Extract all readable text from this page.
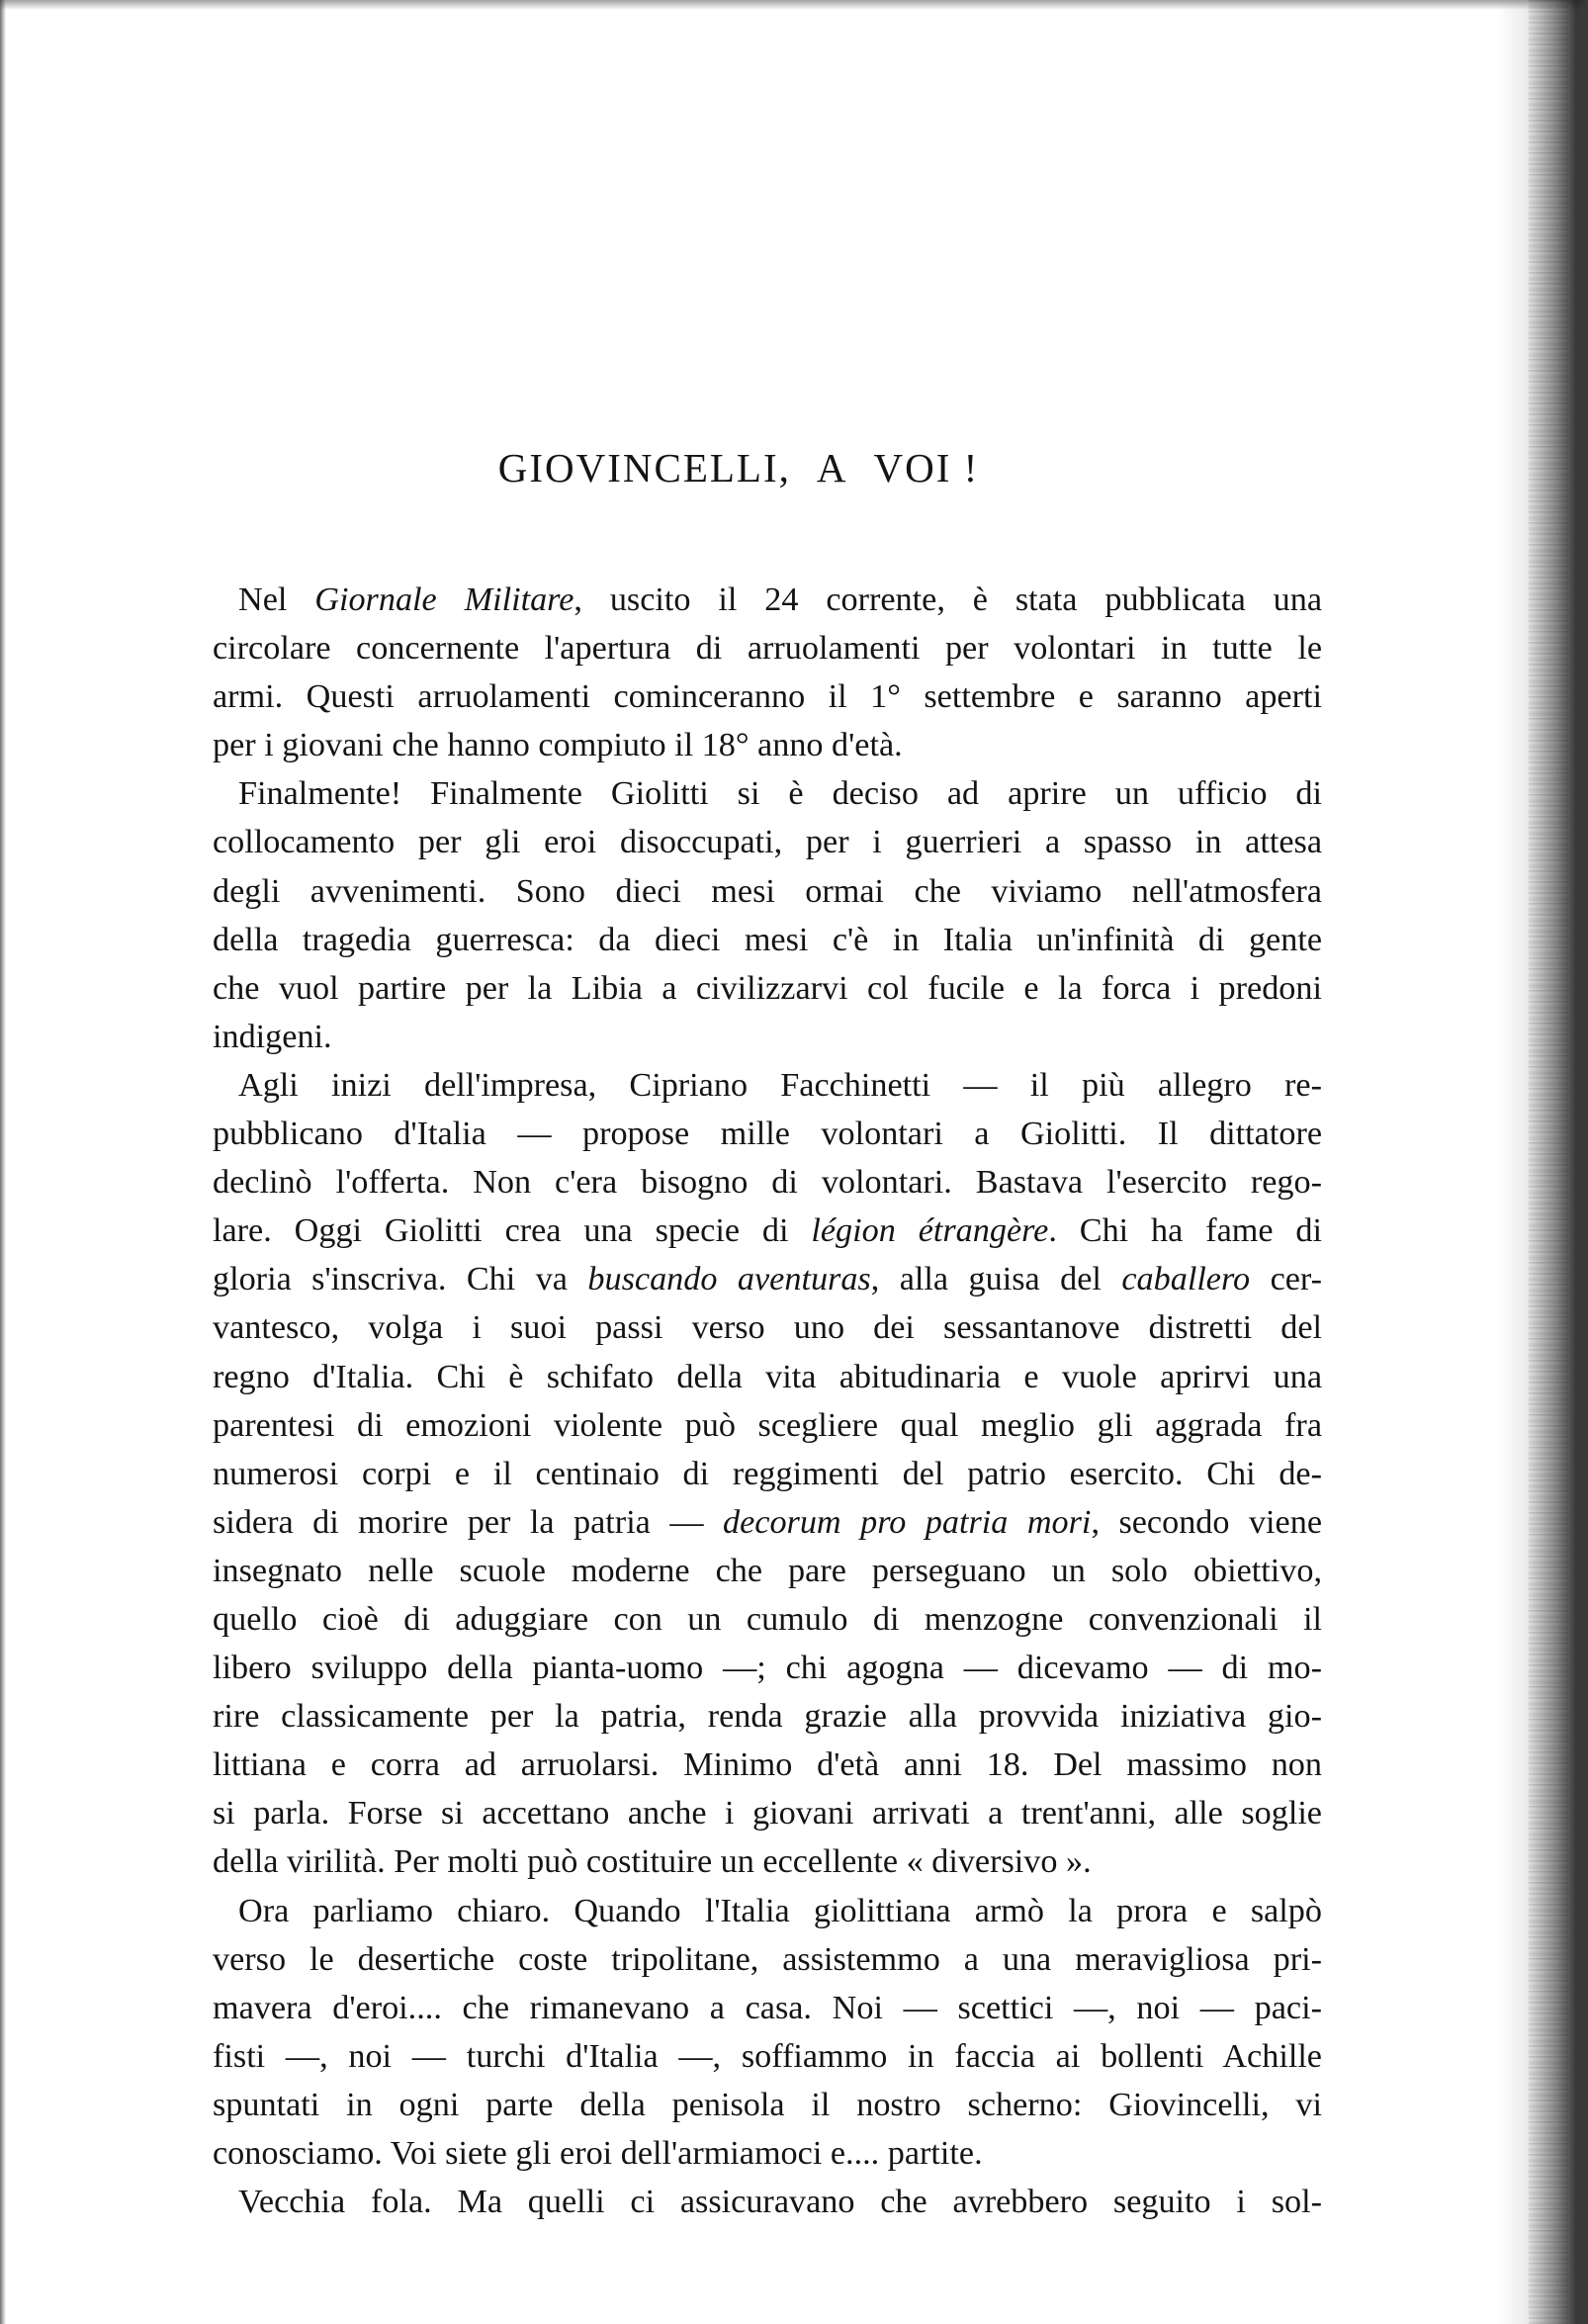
GIOVINCELLI, A VOI !
Nel Giornale Militare, uscito il 24 corrente, è stata pubblicata una
circolare concernente l'apertura di arruolamenti per volontari in tutte le
armi. Questi arruolamenti cominceranno il 1° settembre e saranno aperti
per i giovani che hanno compiuto il 18° anno d'età.
Finalmente! Finalmente Giolitti si è deciso ad aprire un ufficio di
collocamento per gli eroi disoccupati, per i guerrieri a spasso in attesa
degli avvenimenti. Sono dieci mesi ormai che viviamo nell'atmosfera
della tragedia guerresca: da dieci mesi c'è in Italia un'infinità di gente
che vuol partire per la Libia a civilizzarvi col fucile e la forca i predoni
indigeni.
Agli inizi dell'impresa, Cipriano Facchinetti — il più allegro re-
pubblicano d'Italia — propose mille volontari a Giolitti. Il dittatore
declinò l'offerta. Non c'era bisogno di volontari. Bastava l'esercito rego-
lare. Oggi Giolitti crea una specie di légion étrangère. Chi ha fame di
gloria s'inscriva. Chi va buscando aventuras, alla guisa del caballero cer-
vantesco, volga i suoi passi verso uno dei sessantanove distretti del
regno d'Italia. Chi è schifato della vita abitudinaria e vuole aprirvi una
parentesi di emozioni violente può scegliere qual meglio gli aggrada fra
numerosi corpi e il centinaio di reggimenti del patrio esercito. Chi de-
sidera di morire per la patria — decorum pro patria mori, secondo viene
insegnato nelle scuole moderne che pare perseguano un solo obiettivo,
quello cioè di aduggiare con un cumulo di menzogne convenzionali il
libero sviluppo della pianta-uomo —; chi agogna — dicevamo — di mo-
rire classicamente per la patria, renda grazie alla provvida iniziativa gio-
littiana e corra ad arruolarsi. Minimo d'età anni 18. Del massimo non
si parla. Forse si accettano anche i giovani arrivati a trent'anni, alle soglie
della virilità. Per molti può costituire un eccellente « diversivo ».
Ora parliamo chiaro. Quando l'Italia giolittiana armò la prora e salpò
verso le desertiche coste tripolitane, assistemmo a una meravigliosa pri-
mavera d'eroi.... che rimanevano a casa. Noi — scettici —, noi — paci-
fisti —, noi — turchi d'Italia —, soffiammo in faccia ai bollenti Achille
spuntati in ogni parte della penisola il nostro scherno: Giovincelli, vi
conosciamo. Voi siete gli eroi dell'armiamoci e.... partite.
Vecchia fola. Ma quelli ci assicuravano che avrebbero seguito i sol-
